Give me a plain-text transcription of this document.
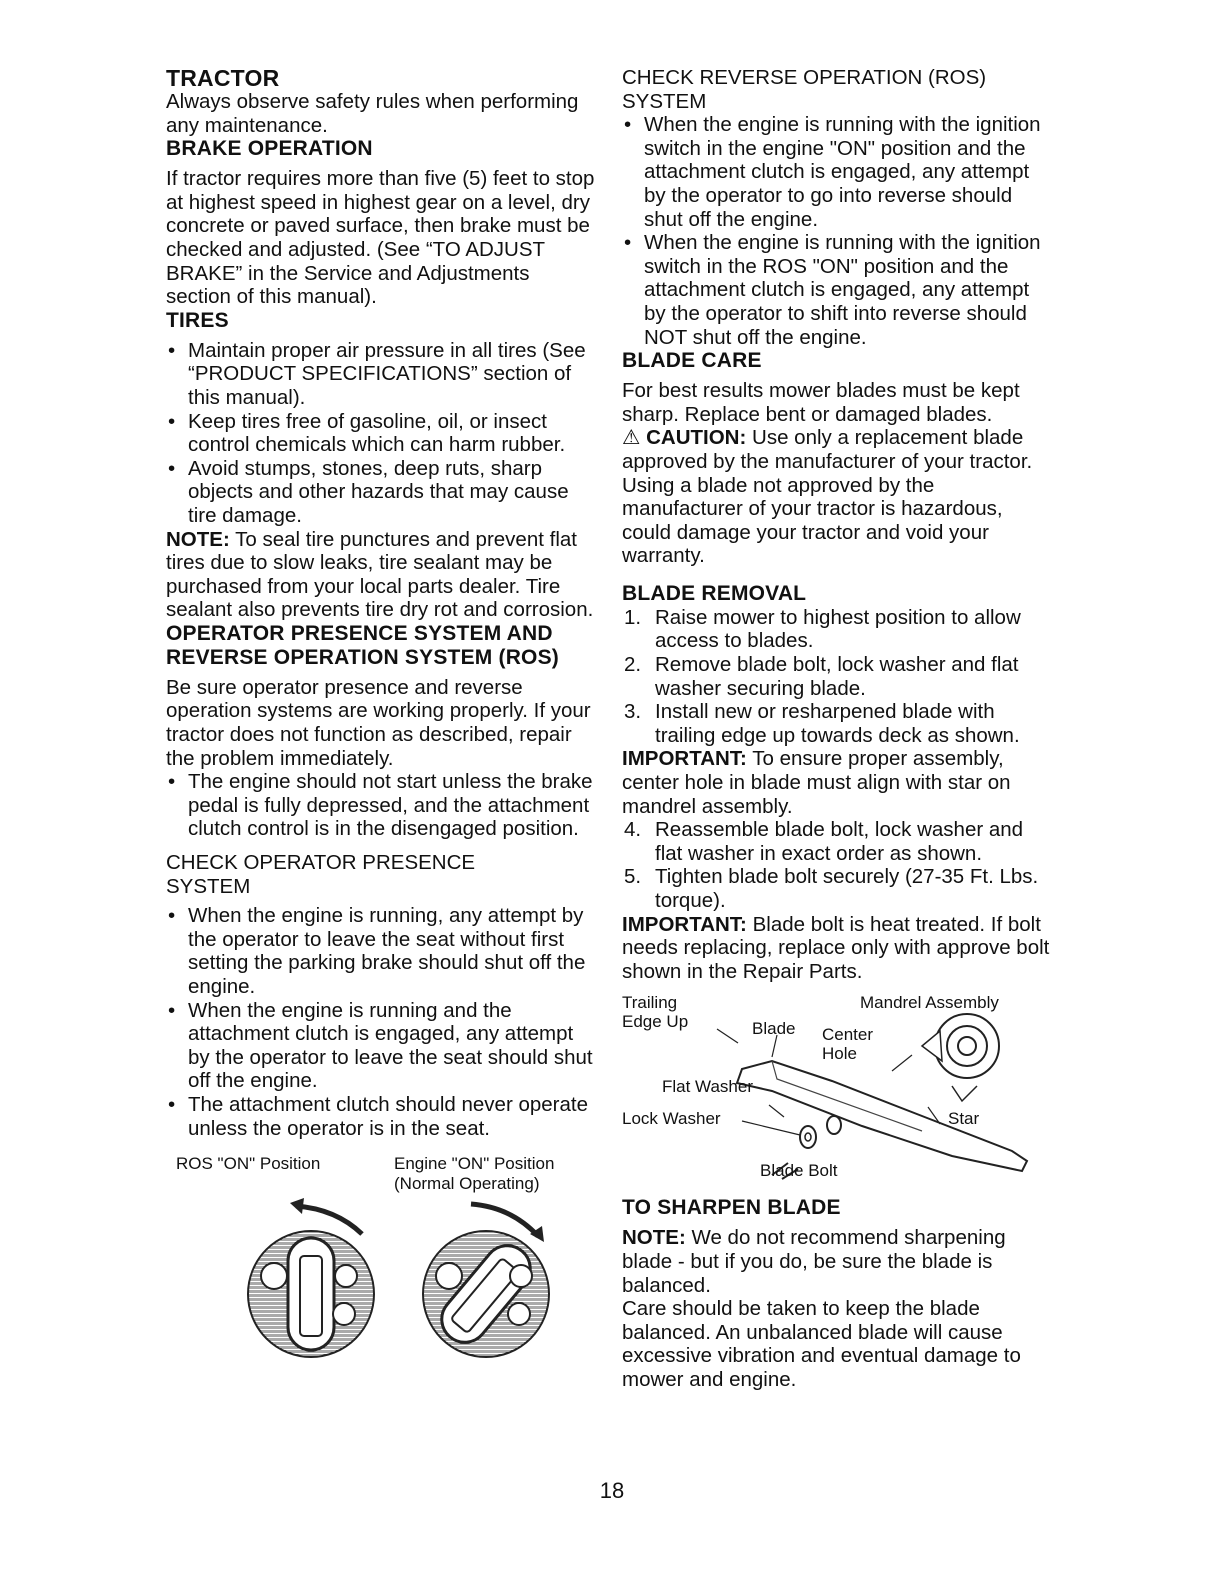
TRACTOR
Always observe safety rules when performing any maintenance.
BRAKE OPERATION
If tractor requires more than five (5) feet to stop at highest speed in highest gear on a level, dry concrete or paved surface, then brake must be checked and adjusted. (See “TO ADJUST BRAKE” in the Service and Adjustments section of this manual).
TIRES
• Maintain proper air pressure in all tires (See “PRODUCT SPECIFICATIONS” section of this manual).
• Keep tires free of gasoline, oil, or insect control chemicals which can harm rubber.
• Avoid stumps, stones, deep ruts, sharp objects and other hazards that may cause tire damage.
NOTE: To seal tire punctures and prevent flat tires due to slow leaks, tire sealant may be purchased from your local parts dealer. Tire sealant also prevents tire dry rot and corrosion.
OPERATOR PRESENCE SYSTEM AND REVERSE OPERATION SYSTEM (ROS)
Be sure operator presence and reverse operation systems are working properly. If your tractor does not function as described, repair the problem immediately.
• The engine should not start unless the brake pedal is fully depressed, and the attachment clutch control is in the disengaged position.
CHECK OPERATOR PRESENCE SYSTEM
• When the engine is running, any attempt by the operator to leave the seat without first setting the parking brake should shut off the engine.
• When the engine is running and the attachment clutch is engaged, any attempt by the operator to leave the seat should shut off the engine.
• The attachment clutch should never operate unless the operator is in the seat.
ROS "ON" Position	Engine "ON" Position
(Normal Operating)
CHECK REVERSE OPERATION (ROS) SYSTEM
• When the engine is running with the ignition switch in the engine "ON" position and the attachment clutch is engaged, any attempt by the operator to go into reverse should shut off the engine.
• When the engine is running with the ignition switch in the ROS "ON" position and the attachment clutch is engaged, any attempt by the operator to shift into reverse should NOT shut off the engine.
BLADE CARE
For best results mower blades must be kept sharp. Replace bent or damaged blades.
⚠ CAUTION: Use only a replacement blade approved by the manufacturer of your tractor. Using a blade not approved by the manufacturer of your tractor is hazardous, could damage your tractor and void your warranty.
BLADE REMOVAL
1. Raise mower to highest position to allow access to blades.
2. Remove blade bolt, lock washer and flat washer securing blade.
3. Install new or resharpened blade with trailing edge up towards deck as shown.
IMPORTANT: To ensure proper assembly, center hole in blade must align with star on mandrel assembly.
4. Reassemble blade bolt, lock washer and flat washer in exact order as shown.
5. Tighten blade bolt securely (27-35 Ft. Lbs. torque).
IMPORTANT: Blade bolt is heat treated. If bolt needs replacing, replace only with approve bolt shown in the Repair Parts.
Trailing
Edge Up	Blade
Mandrel Assembly
Center
Hole
Flat Washer
Lock Washer	Star
Blade Bolt
TO SHARPEN BLADE
NOTE: We do not recommend sharpening blade - but if you do, be sure the blade is balanced.
Care should be taken to keep the blade balanced. An unbalanced blade will cause excessive vibration and eventual damage to mower and engine.
18
